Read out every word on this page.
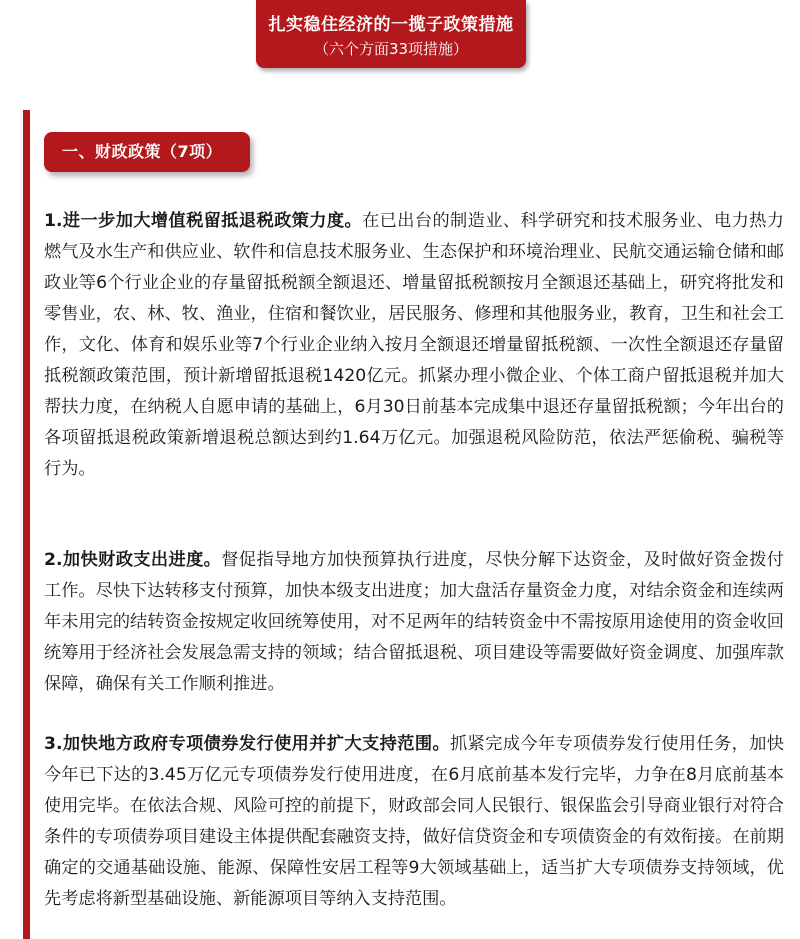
扎实稳住经济的一揽子政策措施
（六个方面33项措施）
一、财政政策（7项）

1.进一步加大增值税留抵退税政策力度。在已出台的制造业、科学研究和技术服务业、电力热力燃气及水生产和供应业、软件和信息技术服务业、生态保护和环境治理业、民航交通运输仓储和邮政业等6个行业企业的存量留抵税额全额退还、增量留抵税额按月全额退还基础上，研究将批发和零售业，农、林、牧、渔业，住宿和餐饮业，居民服务、修理和其他服务业，教育，卫生和社会工作，文化、体育和娱乐业等7个行业企业纳入按月全额退还增量留抵税额、一次性全额退还存量留抵税额政策范围，预计新增留抵退税1420亿元。抓紧办理小微企业、个体工商户留抵退税并加大帮扶力度，在纳税人自愿申请的基础上，6月30日前基本完成集中退还存量留抵税额；今年出台的各项留抵退税政策新增退税总额达到约1.64万亿元。加强退税风险防范，依法严惩偷税、骗税等行为。

2.加快财政支出进度。督促指导地方加快预算执行进度，尽快分解下达资金，及时做好资金拨付工作。尽快下达转移支付预算，加快本级支出进度；加大盘活存量资金力度，对结余资金和连续两年未用完的结转资金按规定收回统筹使用，对不足两年的结转资金中不需按原用途使用的资金收回统筹用于经济社会发展急需支持的领域；结合留抵退税、项目建设等需要做好资金调度、加强库款保障，确保有关工作顺利推进。

3.加快地方政府专项债券发行使用并扩大支持范围。抓紧完成今年专项债券发行使用任务，加快今年已下达的3.45万亿元专项债券发行使用进度，在6月底前基本发行完毕，力争在8月底前基本使用完毕。在依法合规、风险可控的前提下，财政部会同人民银行、银保监会引导商业银行对符合条件的专项债券项目建设主体提供配套融资支持，做好信贷资金和专项债资金的有效衔接。在前期确定的交通基础设施、能源、保障性安居工程等9大领域基础上，适当扩大专项债券支持领域，优先考虑将新型基础设施、新能源项目等纳入支持范围。
